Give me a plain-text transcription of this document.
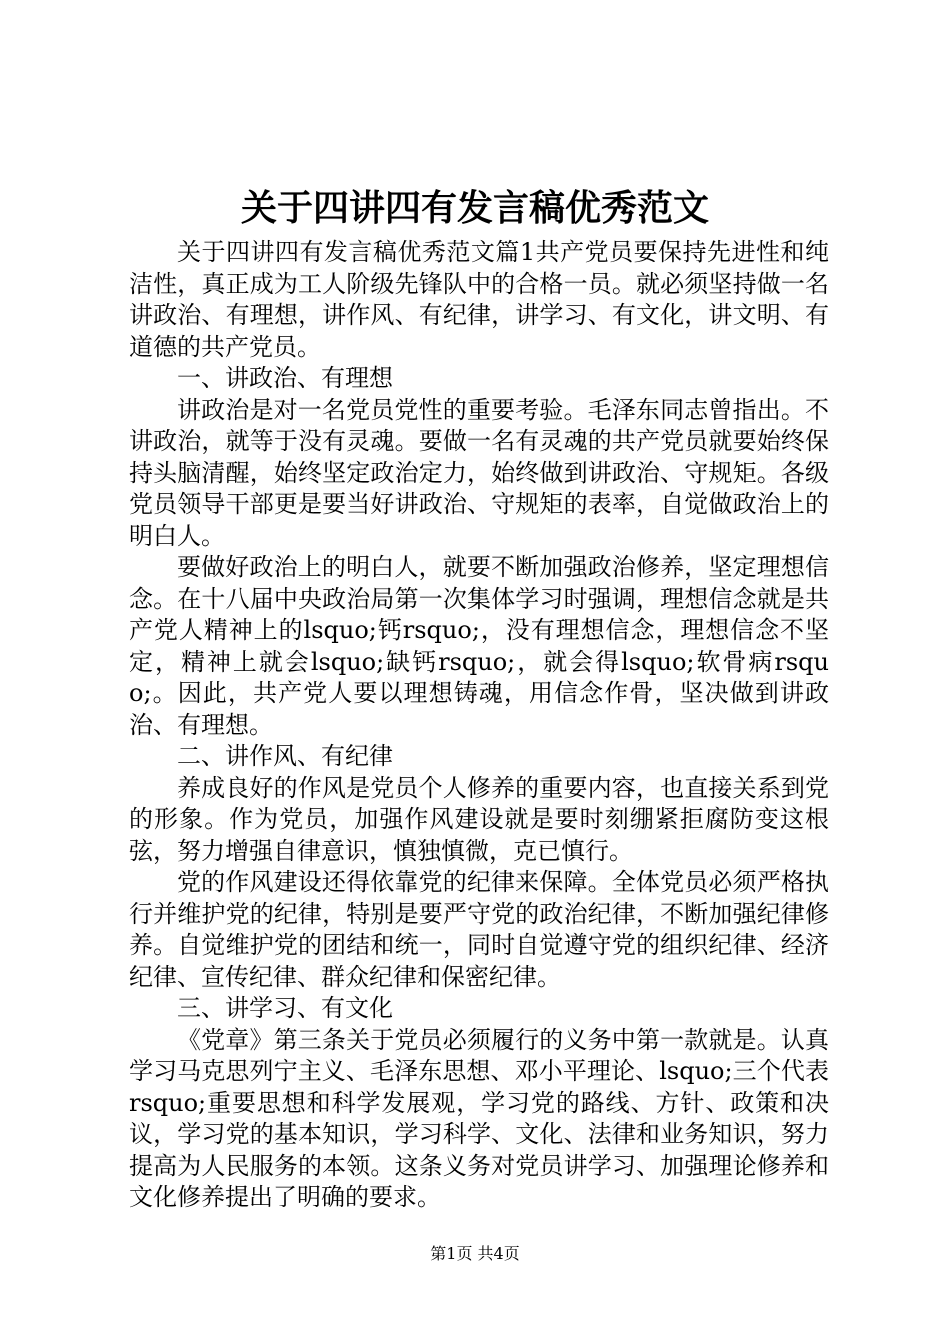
关于四讲四有发言稿优秀范文

关于四讲四有发言稿优秀范文篇1共产党员要保持先进性和纯洁性，真正成为工人阶级先锋队中的合格一员。就必须坚持做一名讲政治、有理想，讲作风、有纪律，讲学习、有文化，讲文明、有道德的共产党员。

一、讲政治、有理想

讲政治是对一名党员党性的重要考验。毛泽东同志曾指出。不讲政治，就等于没有灵魂。要做一名有灵魂的共产党员就要始终保持头脑清醒，始终坚定政治定力，始终做到讲政治、守规矩。各级党员领导干部更是要当好讲政治、守规矩的表率，自觉做政治上的明白人。

要做好政治上的明白人，就要不断加强政治修养，坚定理想信念。在十八届中央政治局第一次集体学习时强调，理想信念就是共产党人精神上的lsquo;钙rsquo;，没有理想信念，理想信念不坚定，精神上就会lsquo;缺钙rsquo;，就会得lsquo;软骨病rsquo;。因此，共产党人要以理想铸魂，用信念作骨，坚决做到讲政治、有理想。

二、讲作风、有纪律

养成良好的作风是党员个人修养的重要内容，也直接关系到党的形象。作为党员，加强作风建设就是要时刻绷紧拒腐防变这根弦，努力增强自律意识，慎独慎微，克已慎行。

党的作风建设还得依靠党的纪律来保障。全体党员必须严格执行并维护党的纪律，特别是要严守党的政治纪律，不断加强纪律修养。自觉维护党的团结和统一，同时自觉遵守党的组织纪律、经济纪律、宣传纪律、群众纪律和保密纪律。

三、讲学习、有文化

《党章》第三条关于党员必须履行的义务中第一款就是。认真学习马克思列宁主义、毛泽东思想、邓小平理论、lsquo;三个代表rsquo;重要思想和科学发展观，学习党的路线、方针、政策和决议，学习党的基本知识，学习科学、文化、法律和业务知识，努力提高为人民服务的本领。这条义务对党员讲学习、加强理论修养和文化修养提出了明确的要求。

第1页 共4页
